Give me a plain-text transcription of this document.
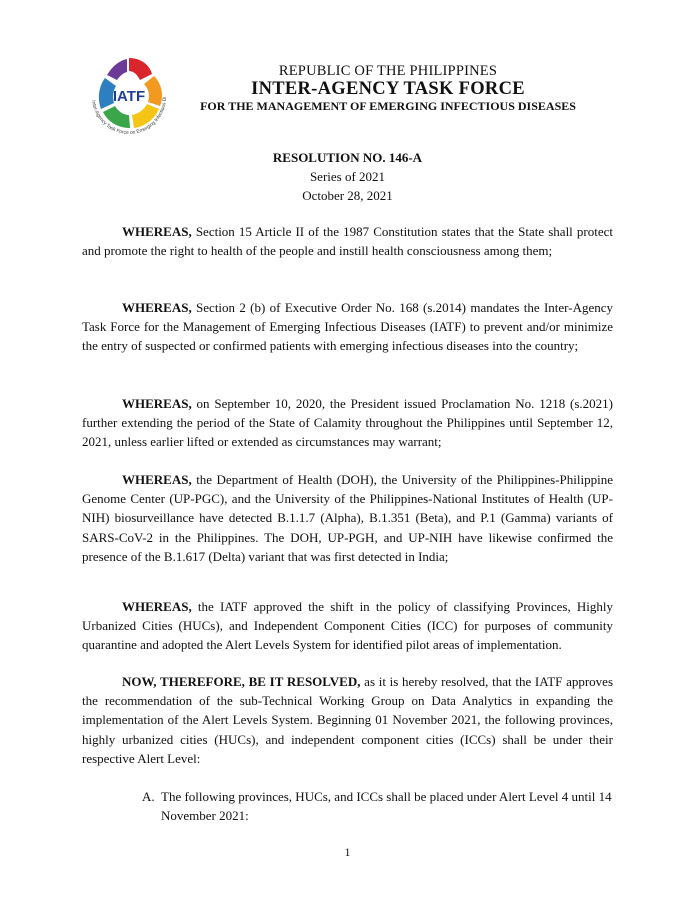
IATF
Inter-Agency Task Force on Emerging Infectious Di
REPUBLIC OF THE PHILIPPINES
INTER-AGENCY TASK FORCE
FOR THE MANAGEMENT OF EMERGING INFECTIOUS DISEASES
RESOLUTION NO. 146-A
Series of 2021
October 28, 2021

WHEREAS, Section 15 Article II of the 1987 Constitution states that the State shall protect and promote the right to health of the people and instill health consciousness among them;

WHEREAS, Section 2 (b) of Executive Order No. 168 (s.2014) mandates the Inter-Agency Task Force for the Management of Emerging Infectious Diseases (IATF) to prevent and/or minimize the entry of suspected or confirmed patients with emerging infectious diseases into the country;

WHEREAS, on September 10, 2020, the President issued Proclamation No. 1218 (s.2021) further extending the period of the State of Calamity throughout the Philippines until September 12, 2021, unless earlier lifted or extended as circumstances may warrant;

WHEREAS, the Department of Health (DOH), the University of the Philippines-Philippine Genome Center (UP-PGC), and the University of the Philippines-National Institutes of Health (UP-NIH) biosurveillance have detected B.1.1.7 (Alpha), B.1.351 (Beta), and P.1 (Gamma) variants of SARS-CoV-2 in the Philippines. The DOH, UP-PGH, and UP-NIH have likewise confirmed the presence of the B.1.617 (Delta) variant that was first detected in India;

WHEREAS, the IATF approved the shift in the policy of classifying Provinces, Highly Urbanized Cities (HUCs), and Independent Component Cities (ICC) for purposes of community quarantine and adopted the Alert Levels System for identified pilot areas of implementation.

NOW, THEREFORE, BE IT RESOLVED, as it is hereby resolved, that the IATF approves the recommendation of the sub-Technical Working Group on Data Analytics in expanding the implementation of the Alert Levels System. Beginning 01 November 2021, the following provinces, highly urbanized cities (HUCs), and independent component cities (ICCs) shall be under their respective Alert Level:

A. The following provinces, HUCs, and ICCs shall be placed under Alert Level 4 until 14 November 2021:

1
